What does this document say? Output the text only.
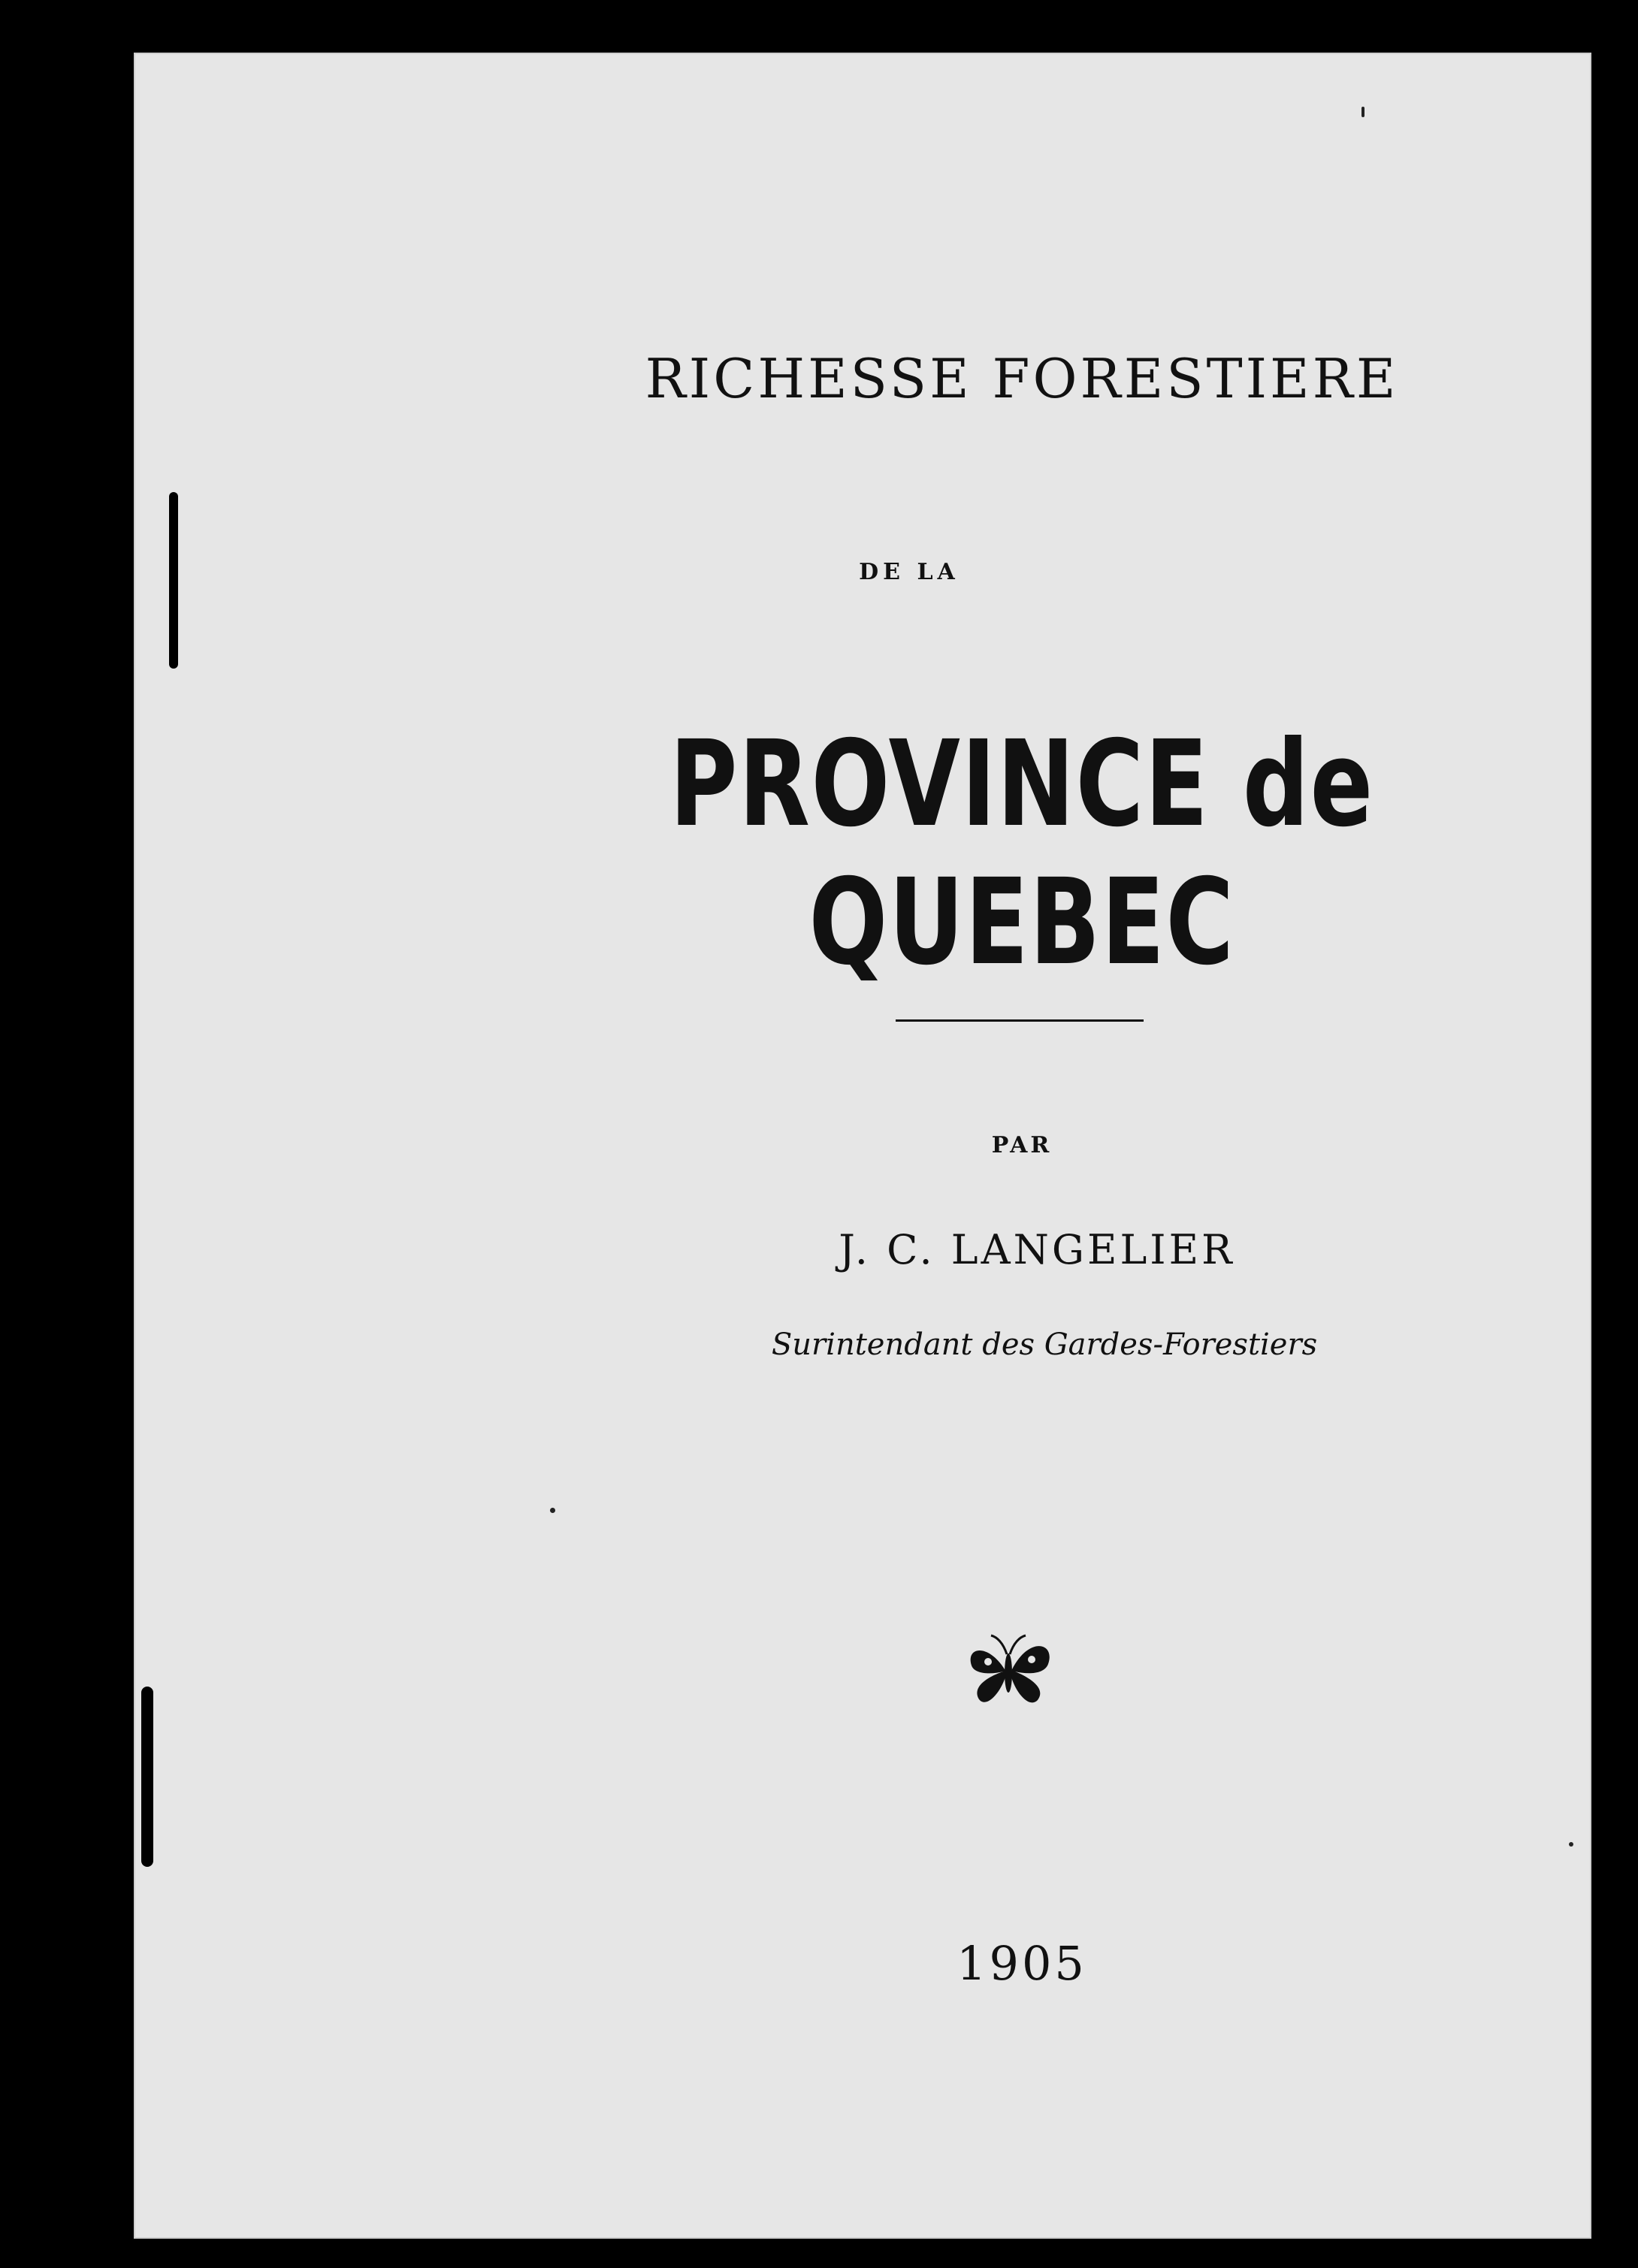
RICHESSE FORESTIERE
DE LA
PROVINCE de QUEBEC
PAR
J. C. LANGELIER
Surintendant des Gardes-Forestiers
1905
